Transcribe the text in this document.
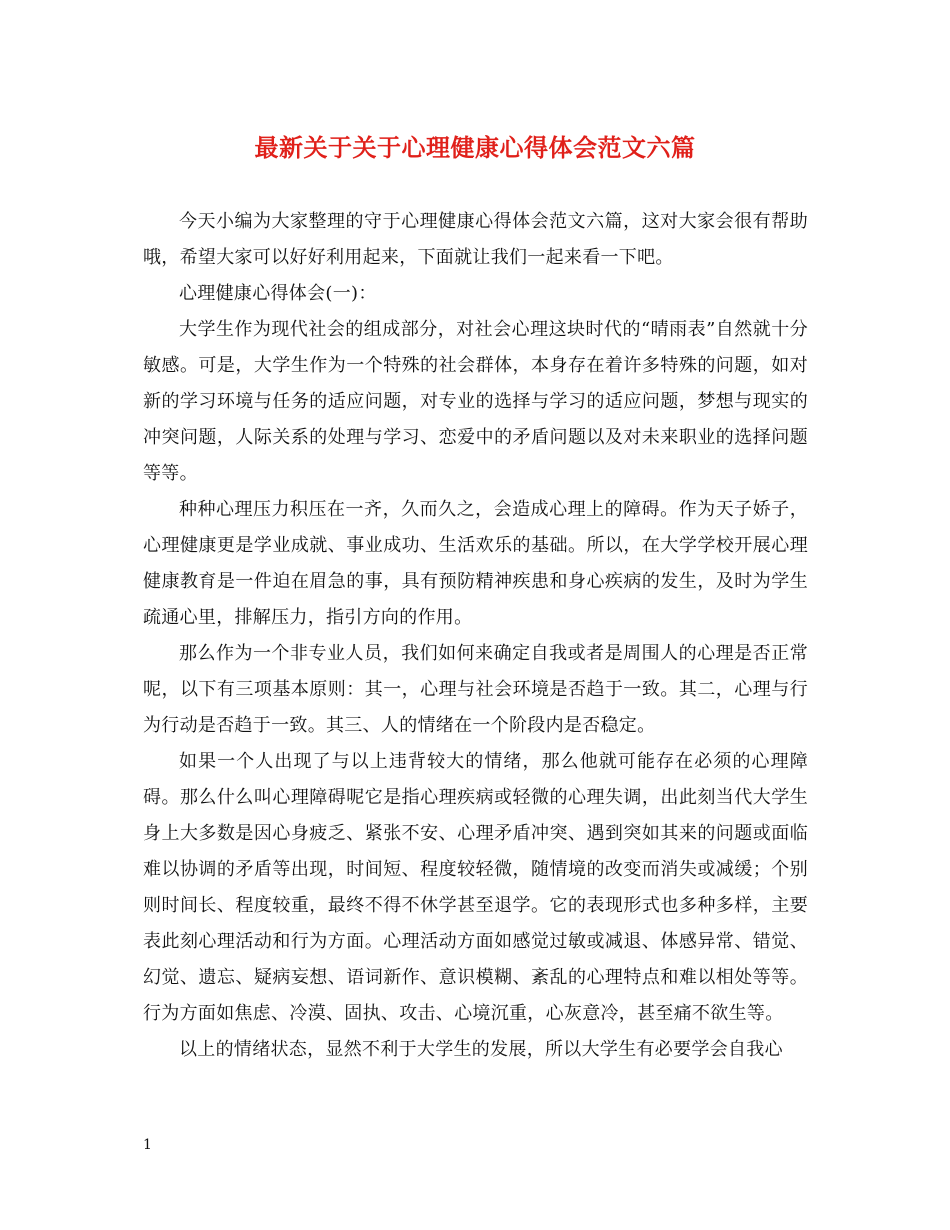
最新关于关于心理健康心得体会范文六篇

今天小编为大家整理的守于心理健康心得体会范文六篇，这对大家会很有帮助哦，希望大家可以好好利用起来，下面就让我们一起来看一下吧。

心理健康心得体会(一)：

大学生作为现代社会的组成部分，对社会心理这块时代的“晴雨表”自然就十分敏感。可是，大学生作为一个特殊的社会群体，本身存在着许多特殊的问题，如对新的学习环境与任务的适应问题，对专业的选择与学习的适应问题，梦想与现实的冲突问题，人际关系的处理与学习、恋爱中的矛盾问题以及对未来职业的选择问题等等。

种种心理压力积压在一齐，久而久之，会造成心理上的障碍。作为天子娇子，心理健康更是学业成就、事业成功、生活欢乐的基础。所以，在大学学校开展心理健康教育是一件迫在眉急的事，具有预防精神疾患和身心疾病的发生，及时为学生疏通心里，排解压力，指引方向的作用。

那么作为一个非专业人员，我们如何来确定自我或者是周围人的心理是否正常呢，以下有三项基本原则：其一，心理与社会环境是否趋于一致。其二，心理与行为行动是否趋于一致。其三、人的情绪在一个阶段内是否稳定。

如果一个人出现了与以上违背较大的情绪，那么他就可能存在必须的心理障碍。那么什么叫心理障碍呢它是指心理疾病或轻微的心理失调，出此刻当代大学生身上大多数是因心身疲乏、紧张不安、心理矛盾冲突、遇到突如其来的问题或面临难以协调的矛盾等出现，时间短、程度较轻微，随情境的改变而消失或减缓；个别则时间长、程度较重，最终不得不休学甚至退学。它的表现形式也多种多样，主要表此刻心理活动和行为方面。心理活动方面如感觉过敏或减退、体感异常、错觉、幻觉、遗忘、疑病妄想、语词新作、意识模糊、紊乱的心理特点和难以相处等等。行为方面如焦虑、冷漠、固执、攻击、心境沉重，心灰意冷，甚至痛不欲生等。

以上的情绪状态，显然不利于大学生的发展，所以大学生有必要学会自我心

1
